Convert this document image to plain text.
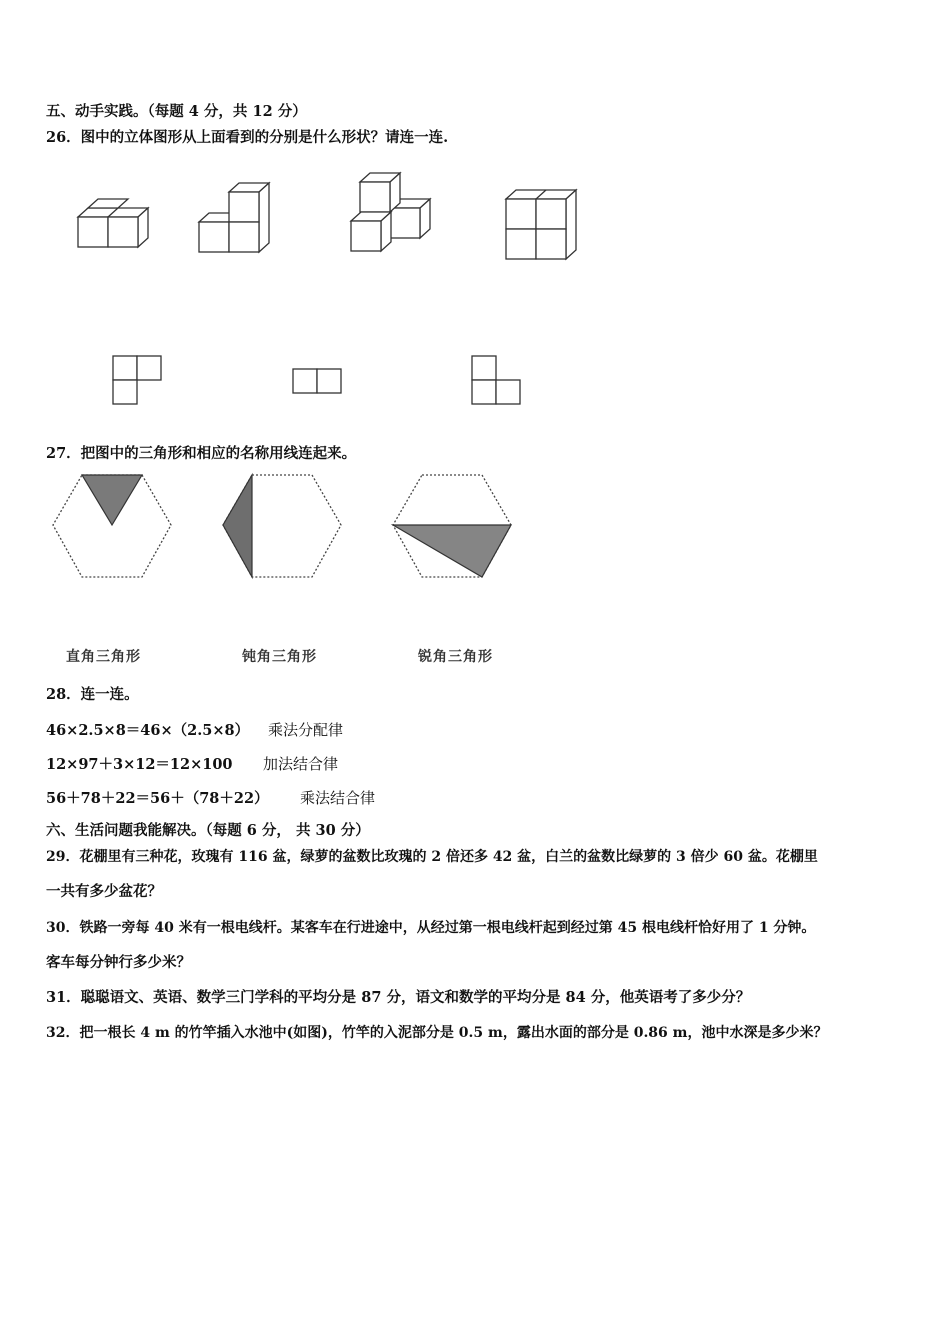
五、动手实践。（每题 4 分，共 12 分）
26．图中的立体图形从上面看到的分别是什么形状？请连一连.
27．把图中的三角形和相应的名称用线连起来。
直角三角形	钝角三角形	锐角三角形
28．连一连。
46×2.5×8＝46×（2.5×8） 乘法分配律
12×97＋3×12＝12×100 加法结合律
56＋78＋22＝56＋（78＋22） 乘法结合律
六、生活问题我能解决。（每题 6 分， 共 30 分）
29．花棚里有三种花，玫瑰有 116 盆，绿萝的盆数比玫瑰的 2 倍还多 42 盆，白兰的盆数比绿萝的 3 倍少 60 盆。花棚里
一共有多少盆花？
30．铁路一旁每 40 米有一根电线杆。某客车在行进途中，从经过第一根电线杆起到经过第 45 根电线杆恰好用了 1 分钟。
客车每分钟行多少米？
31．聪聪语文、英语、数学三门学科的平均分是 87 分，语文和数学的平均分是 84 分，他英语考了多少分？
32．把一根长 4 m 的竹竿插入水池中(如图)，竹竿的入泥部分是 0.5 m，露出水面的部分是 0.86 m，池中水深是多少米？
